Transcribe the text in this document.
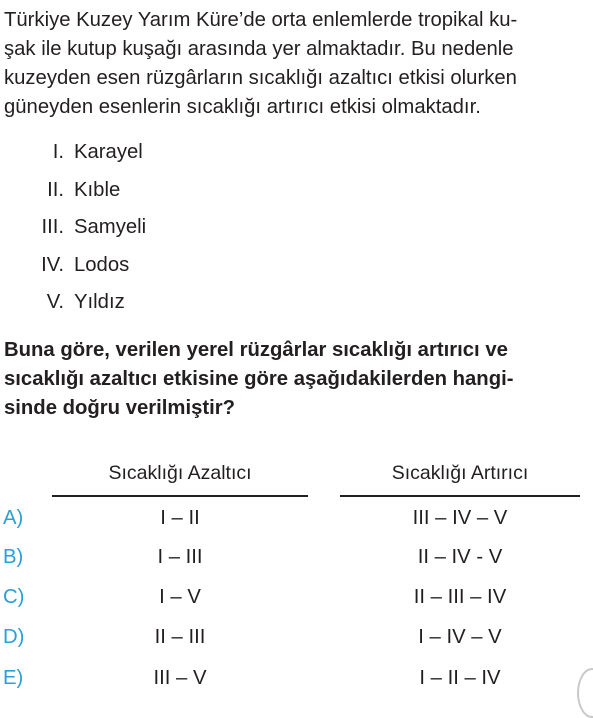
Türkiye Kuzey Yarım Küre’de orta enlemlerde tropikal ku-
şak ile kutup kuşağı arasında yer almaktadır. Bu nedenle
kuzeyden esen rüzgârların sıcaklığı azaltıcı etkisi olurken
güneyden esenlerin sıcaklığı artırıcı etkisi olmaktadır.
I. Karayel
II. Kıble
III. Samyeli
IV. Lodos
V. Yıldız
Buna göre, verilen yerel rüzgârlar sıcaklığı artırıcı ve
sıcaklığı azaltıcı etkisine göre aşağıdakilerden hangi-
sinde doğru verilmiştir?
Sıcaklığı Azaltıcı	Sıcaklığı Artırıcı
A)	I – II	III – IV – V
B)	I – III	II – IV - V
C)	I – V	II – III – IV
D)	II – III	I – IV – V
E)	III – V	I – II – IV
